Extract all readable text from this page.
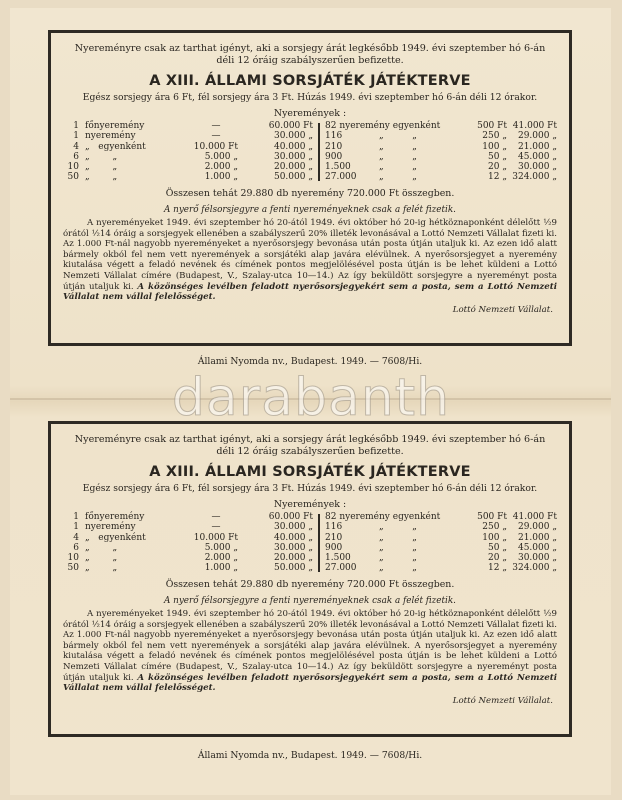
Nyereményre csak az tarthat igényt, aki a sorsjegy árát legkésőbb 1949. évi szeptember hó 6-án
déli 12 óráig szabályszerűen befizette.

A XIII. ÁLLAMI SORSJÁTÉK JÁTÉKTERVE

Egész sorsjegy ára 6 Ft, fél sorsjegy ára 3 Ft. Húzás 1949. évi szeptember hó 6-án déli 12 órakor.

Nyeremények :

1
1
4
6
10
50
főnyeremény
nyeremény
„   egyenként
„        „
„        „
„        „
10.000 Ft
5.000 „
2.000 „
1.000 „
—
—
60.000 Ft
30.000 „
40.000 „
30.000 „
20.000 „
50.000 „
82 nyeremény egyenként
116
210
900
1.500
27.000
„          „
„          „
„          „
„          „
„          „
500 Ft
250 „
100 „
50 „
20 „
12 „
41.000 Ft
29.000 „
21.000 „
45.000 „
30.000 „
324.000 „

Összesen tehát 29.880 db nyeremény 720.000 Ft összegben.

A nyerő félsorsjegyre a fenti nyereményeknek csak a felét fizetik.

A nyereményeket 1949. évi szeptember hó 20-ától 1949. évi október hó 20-ig hétköznaponként délelőtt ½9 órától ½14 óráig a sorsjegyek ellenében a szabályszerű 20% illeték levonásával a Lottó Nemzeti Vállalat fizeti ki. Az 1.000 Ft-nál nagyobb nyereményeket a nyerősorsjegy bevonása után posta útján utaljuk ki. Az ezen idő alatt bármely okból fel nem vett nyeremények a sorsjátéki alap javára elévülnek. A nyerősorsjegyet a nyeremény kiutalása végett a feladó nevének és címének pontos megjelölésével posta útján is be lehet küldeni a Lottó Nemzeti Vállalat címére (Budapest, V., Szalay-utca 10—14.) Az így beküldött sorsjegyre a nyereményt posta útján utaljuk ki. A közönséges levélben feladott nyerősorsjegyekért sem a posta, sem a Lottó Nemzeti Vállalat nem vállal felelősséget.

Lottó Nemzeti Vállalat.

Állami Nyomda nv., Budapest. 1949. — 7608/Hi.

Nyereményre csak az tarthat igényt, aki a sorsjegy árát legkésőbb 1949. évi szeptember hó 6-án
déli 12 óráig szabályszerűen befizette.

A XIII. ÁLLAMI SORSJÁTÉK JÁTÉKTERVE

Egész sorsjegy ára 6 Ft, fél sorsjegy ára 3 Ft. Húzás 1949. évi szeptember hó 6-án déli 12 órakor.

Nyeremények :

1
1
4
6
10
50
főnyeremény
nyeremény
„   egyenként
„        „
„        „
„        „
10.000 Ft
5.000 „
2.000 „
1.000 „
—
—
60.000 Ft
30.000 „
40.000 „
30.000 „
20.000 „
50.000 „
82 nyeremény egyenként
116
210
900
1.500
27.000
„          „
„          „
„          „
„          „
„          „
500 Ft
250 „
100 „
50 „
20 „
12 „
41.000 Ft
29.000 „
21.000 „
45.000 „
30.000 „
324.000 „

Összesen tehát 29.880 db nyeremény 720.000 Ft összegben.

A nyerő félsorsjegyre a fenti nyereményeknek csak a felét fizetik.

A nyereményeket 1949. évi szeptember hó 20-ától 1949. évi október hó 20-ig hétköznaponként délelőtt ½9 órától ½14 óráig a sorsjegyek ellenében a szabályszerű 20% illeték levonásával a Lottó Nemzeti Vállalat fizeti ki. Az 1.000 Ft-nál nagyobb nyereményeket a nyerősorsjegy bevonása után posta útján utaljuk ki. Az ezen idő alatt bármely okból fel nem vett nyeremények a sorsjátéki alap javára elévülnek. A nyerősorsjegyet a nyeremény kiutalása végett a feladó nevének és címének pontos megjelölésével posta útján is be lehet küldeni a Lottó Nemzeti Vállalat címére (Budapest, V., Szalay-utca 10—14.) Az így beküldött sorsjegyre a nyereményt posta útján utaljuk ki. A közönséges levélben feladott nyerősorsjegyekért sem a posta, sem a Lottó Nemzeti Vállalat nem vállal felelősséget.

Lottó Nemzeti Vállalat.

Állami Nyomda nv., Budapest. 1949. — 7608/Hi.
darabanth
